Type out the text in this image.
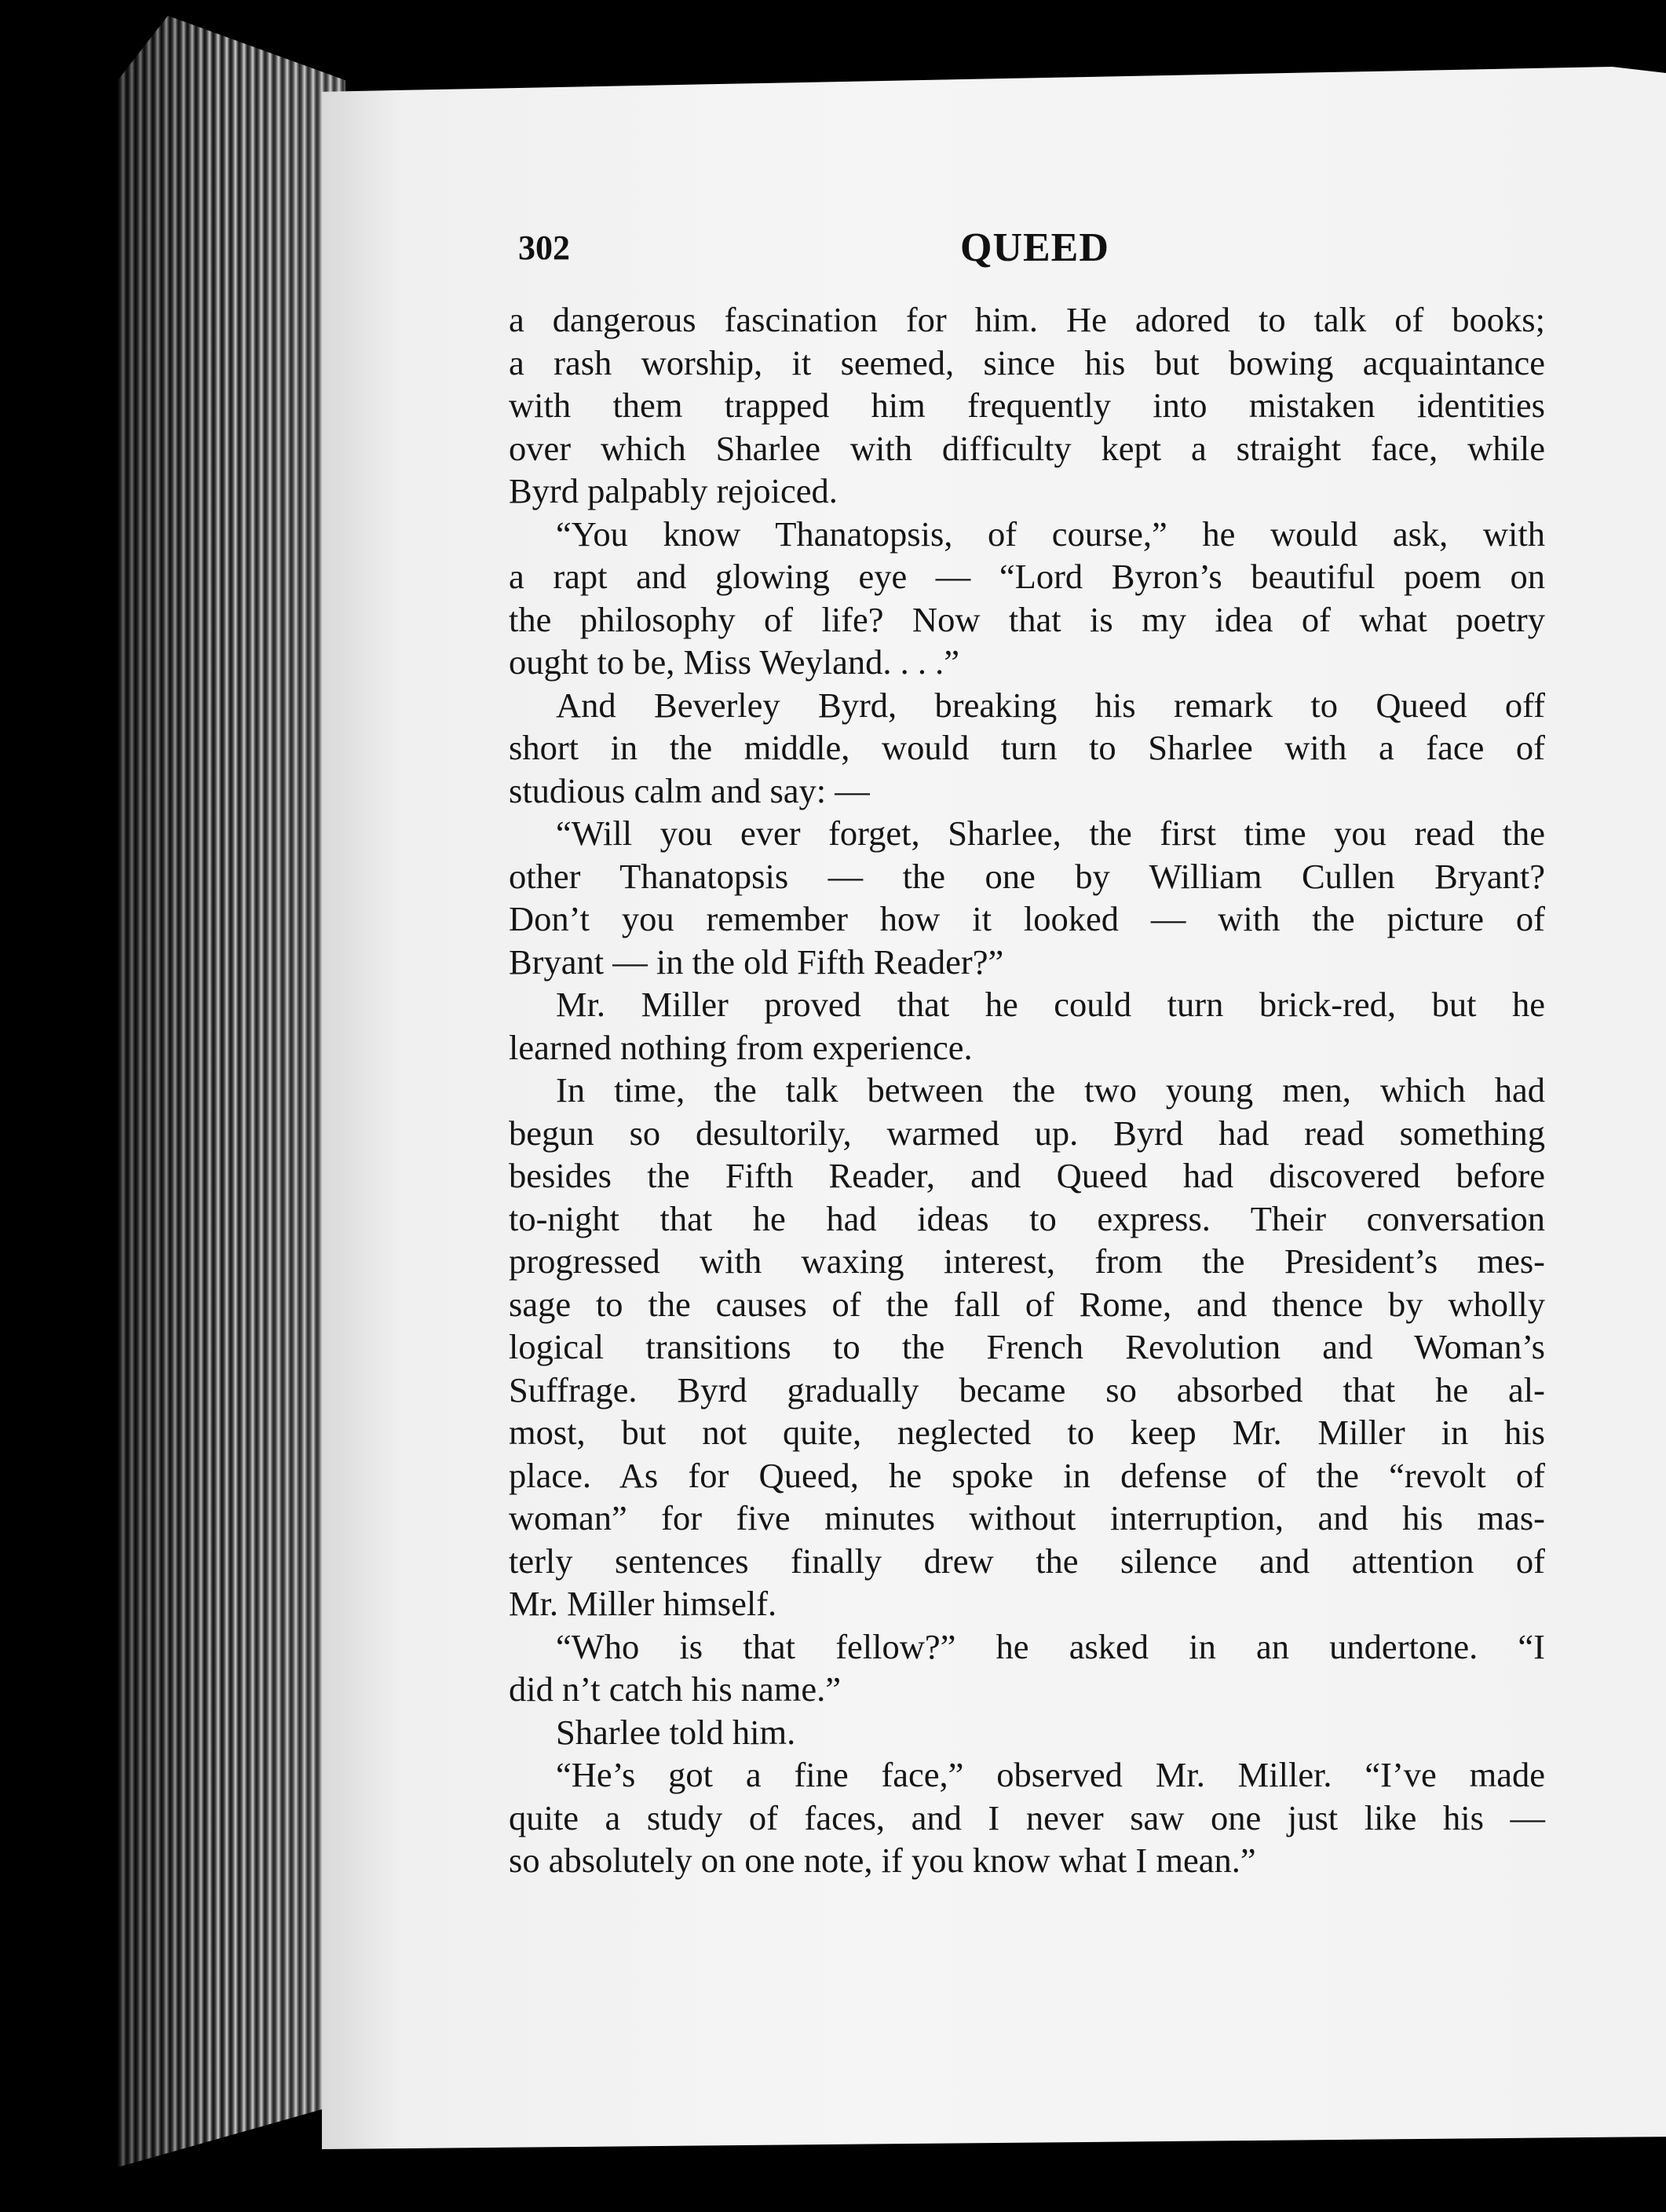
302	QUEED
a dangerous fascination for him. He adored to talk of books;
a rash worship, it seemed, since his but bowing acquaintance
with them trapped him frequently into mistaken identities
over which Sharlee with difficulty kept a straight face, while
Byrd palpably rejoiced.
“You know Thanatopsis, of course,” he would ask, with
a rapt and glowing eye — “Lord Byron’s beautiful poem on
the philosophy of life? Now that is my idea of what poetry
ought to be, Miss Weyland. . . .”
And Beverley Byrd, breaking his remark to Queed off
short in the middle, would turn to Sharlee with a face of
studious calm and say: —
“Will you ever forget, Sharlee, the first time you read the
other Thanatopsis — the one by William Cullen Bryant?
Don’t you remember how it looked — with the picture of
Bryant — in the old Fifth Reader?”
Mr. Miller proved that he could turn brick-red, but he
learned nothing from experience.
In time, the talk between the two young men, which had
begun so desultorily, warmed up. Byrd had read something
besides the Fifth Reader, and Queed had discovered before
to-night that he had ideas to express. Their conversation
progressed with waxing interest, from the President’s mes-
sage to the causes of the fall of Rome, and thence by wholly
logical transitions to the French Revolution and Woman’s
Suffrage. Byrd gradually became so absorbed that he al-
most, but not quite, neglected to keep Mr. Miller in his
place. As for Queed, he spoke in defense of the “revolt of
woman” for five minutes without interruption, and his mas-
terly sentences finally drew the silence and attention of
Mr. Miller himself.
“Who is that fellow?” he asked in an undertone. “I
did n’t catch his name.”
Sharlee told him.
“He’s got a fine face,” observed Mr. Miller. “I’ve made
quite a study of faces, and I never saw one just like his —
so absolutely on one note, if you know what I mean.”
